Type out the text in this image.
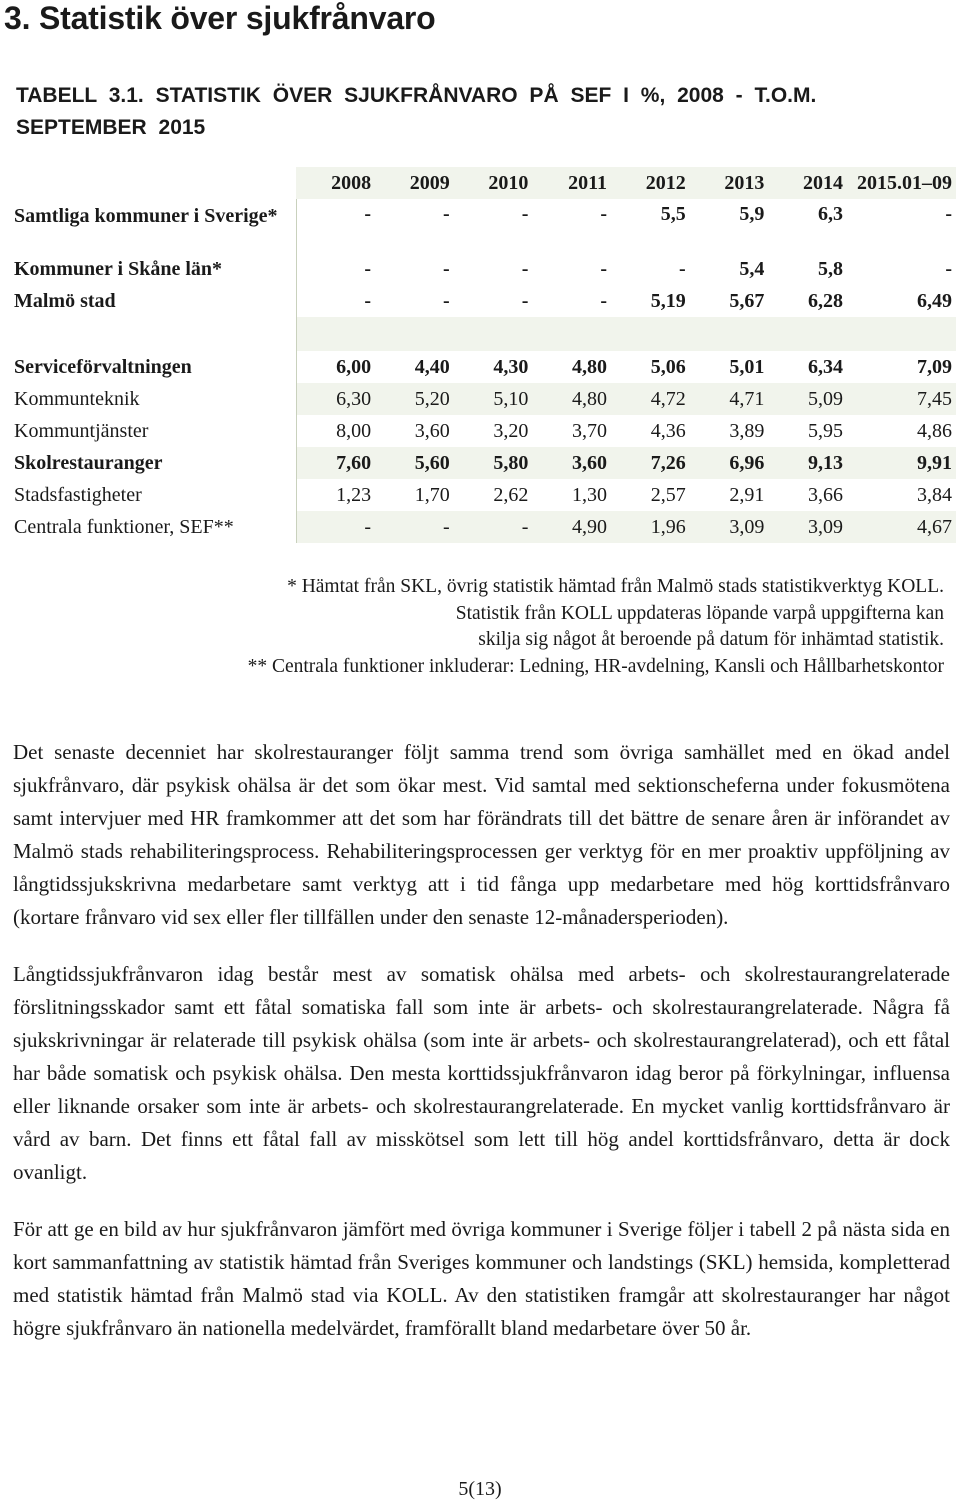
3. Statistik över sjukfrånvaro
TABELL 3.1. STATISTIK ÖVER SJUKFRÅNVARO PÅ SEF I %, 2008 - T.O.M. SEPTEMBER 2015
	2008	2009	2010	2011	2012	2013	2014	2015.01–09
Samtliga kommuner i Sverige*	-	-	-	-	5,5	5,9	6,3	-
Kommuner i Skåne län*	-	-	-	-	-	5,4	5,8	-
Malmö stad	-	-	-	-	5,19	5,67	6,28	6,49

Serviceförvaltningen	6,00	4,40	4,30	4,80	5,06	5,01	6,34	7,09
Kommunteknik	6,30	5,20	5,10	4,80	4,72	4,71	5,09	7,45
Kommuntjänster	8,00	3,60	3,20	3,70	4,36	3,89	5,95	4,86
Skolrestauranger	7,60	5,60	5,80	3,60	7,26	6,96	9,13	9,91
Stadsfastigheter	1,23	1,70	2,62	1,30	2,57	2,91	3,66	3,84
Centrala funktioner, SEF**	-	-	-	4,90	1,96	3,09	3,09	4,67

* Hämtat från SKL, övrig statistik hämtad från Malmö stads statistikverktyg KOLL.

Statistik från KOLL uppdateras löpande varpå uppgifterna kan

skilja sig något åt beroende på datum för inhämtad statistik.

** Centrala funktioner inkluderar: Ledning, HR-avdelning, Kansli och Hållbarhetskontor

Det senaste decenniet har skolrestauranger följt samma trend som övriga samhället med en ökad andel sjukfrånvaro, där psykisk ohälsa är det som ökar mest. Vid samtal med sektionscheferna under fokusmötena samt intervjuer med HR framkommer att det som har förändrats till det bättre de senare åren är införandet av Malmö stads rehabiliteringsprocess. Rehabiliteringsprocessen ger verktyg för en mer proaktiv uppföljning av långtidssjukskrivna medarbetare samt verktyg att i tid fånga upp medarbetare med hög korttidsfrånvaro (kortare frånvaro vid sex eller fler tillfällen under den senaste 12-månadersperioden).

Långtidssjukfrånvaron idag består mest av somatisk ohälsa med arbets- och skolrestaurangrelaterade förslitningsskador samt ett fåtal somatiska fall som inte är arbets- och skolrestaurangrelaterade. Några få sjukskrivningar är relaterade till psykisk ohälsa (som inte är arbets- och skolrestaurangrelaterad), och ett fåtal har både somatisk och psykisk ohälsa. Den mesta korttidssjukfrånvaron idag beror på förkylningar, influensa eller liknande orsaker som inte är arbets- och skolrestaurangrelaterade. En mycket vanlig korttidsfrånvaro är vård av barn. Det finns ett fåtal fall av misskötsel som lett till hög andel korttidsfrånvaro, detta är dock ovanligt.

För att ge en bild av hur sjukfrånvaron jämfört med övriga kommuner i Sverige följer i tabell 2 på nästa sida en kort sammanfattning av statistik hämtad från Sveriges kommuner och landstings (SKL) hemsida, kompletterad med statistik hämtad från Malmö stad via KOLL. Av den statistiken framgår att skolrestauranger har något högre sjukfrånvaro än nationella medelvärdet, framförallt bland medarbetare över 50 år.

5(13)
